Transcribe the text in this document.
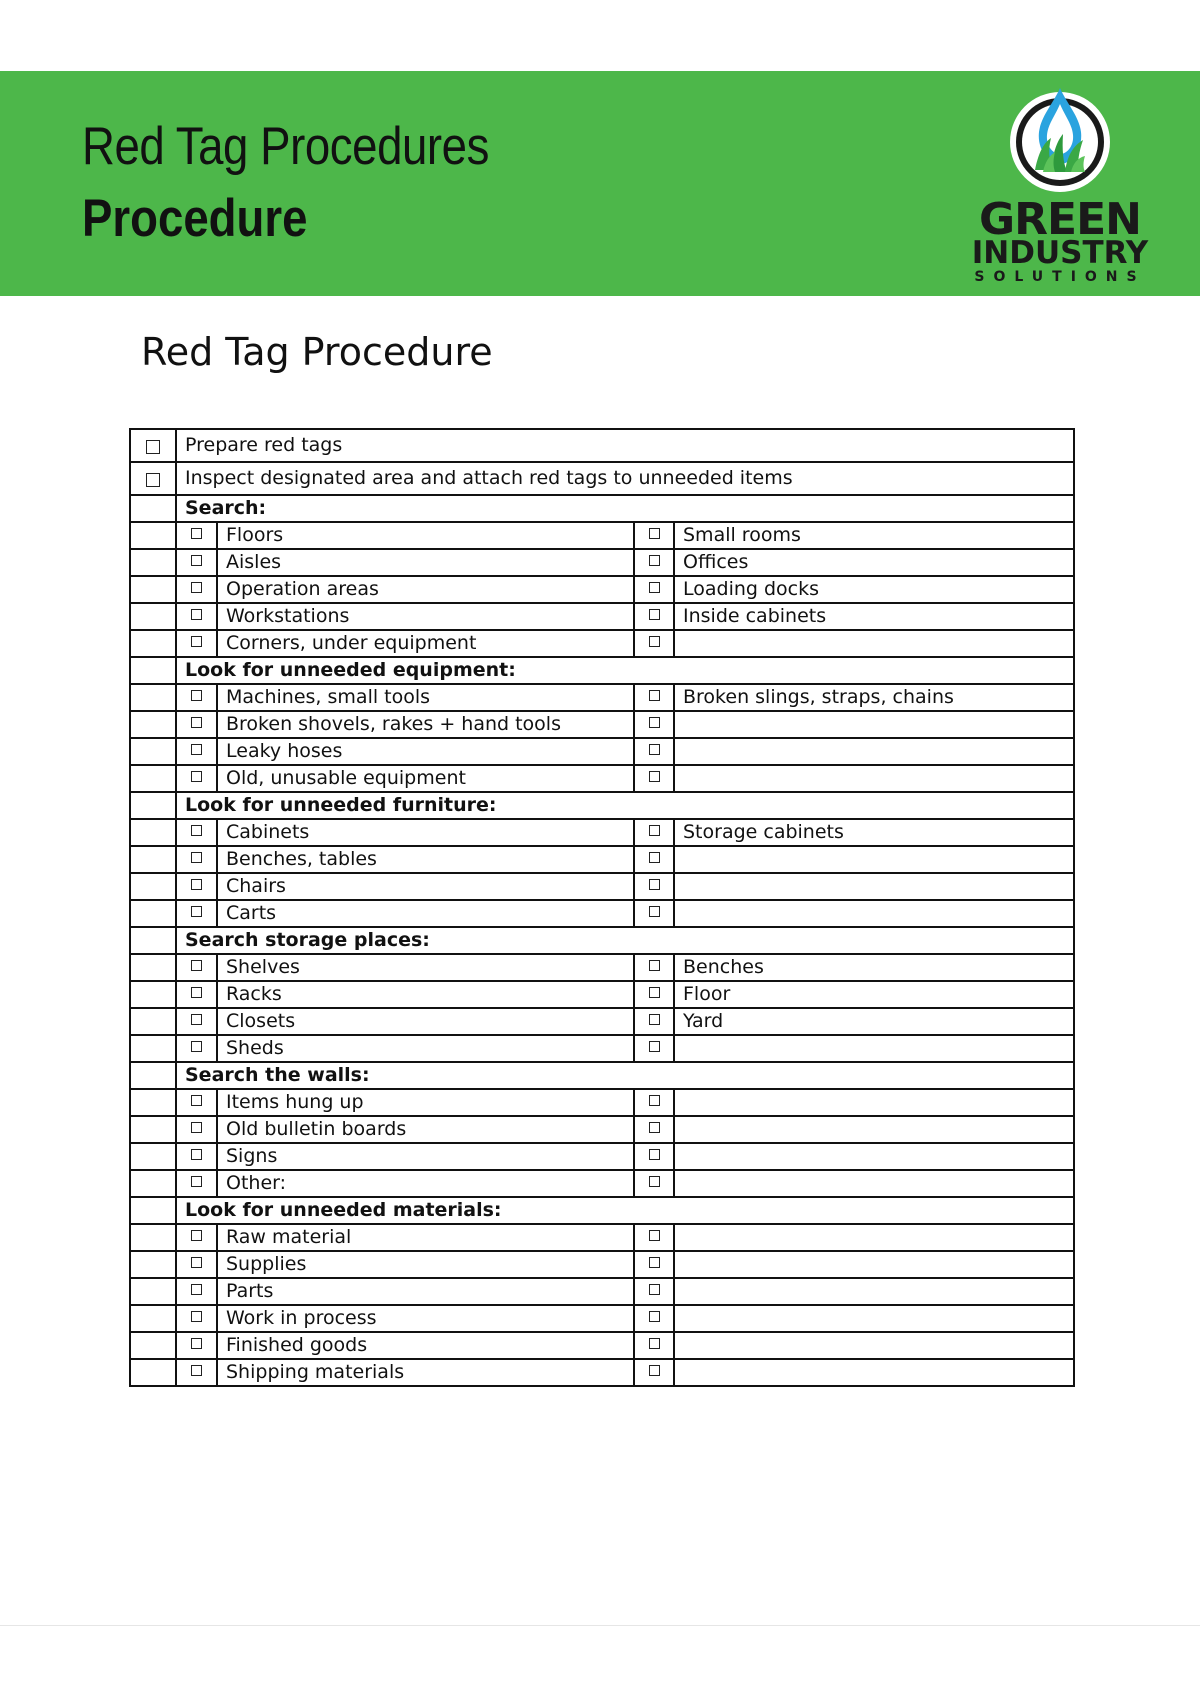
Red Tag Procedures
Procedure	GREEN
INDUSTRY
SOLUTIONS
Red Tag Procedure
	Prepare red tags			
	Inspect designated area and attach red tags to unneeded items			
	Search:			
		Floors		Small rooms
		Aisles		Offices
		Operation areas		Loading docks
		Workstations		Inside cabinets
		Corners, under equipment		
	Look for unneeded equipment:			
		Machines, small tools		Broken slings, straps, chains
		Broken shovels, rakes + hand tools		
		Leaky hoses		
		Old, unusable equipment		
	Look for unneeded furniture:			
		Cabinets		Storage cabinets
		Benches, tables		
		Chairs		
		Carts		
	Search storage places:			
		Shelves		Benches
		Racks		Floor
		Closets		Yard
		Sheds		
	Search the walls:			
		Items hung up		
		Old bulletin boards		
		Signs		
		Other:		
	Look for unneeded materials:			
		Raw material		
		Supplies		
		Parts		
		Work in process		
		Finished goods		
		Shipping materials		
